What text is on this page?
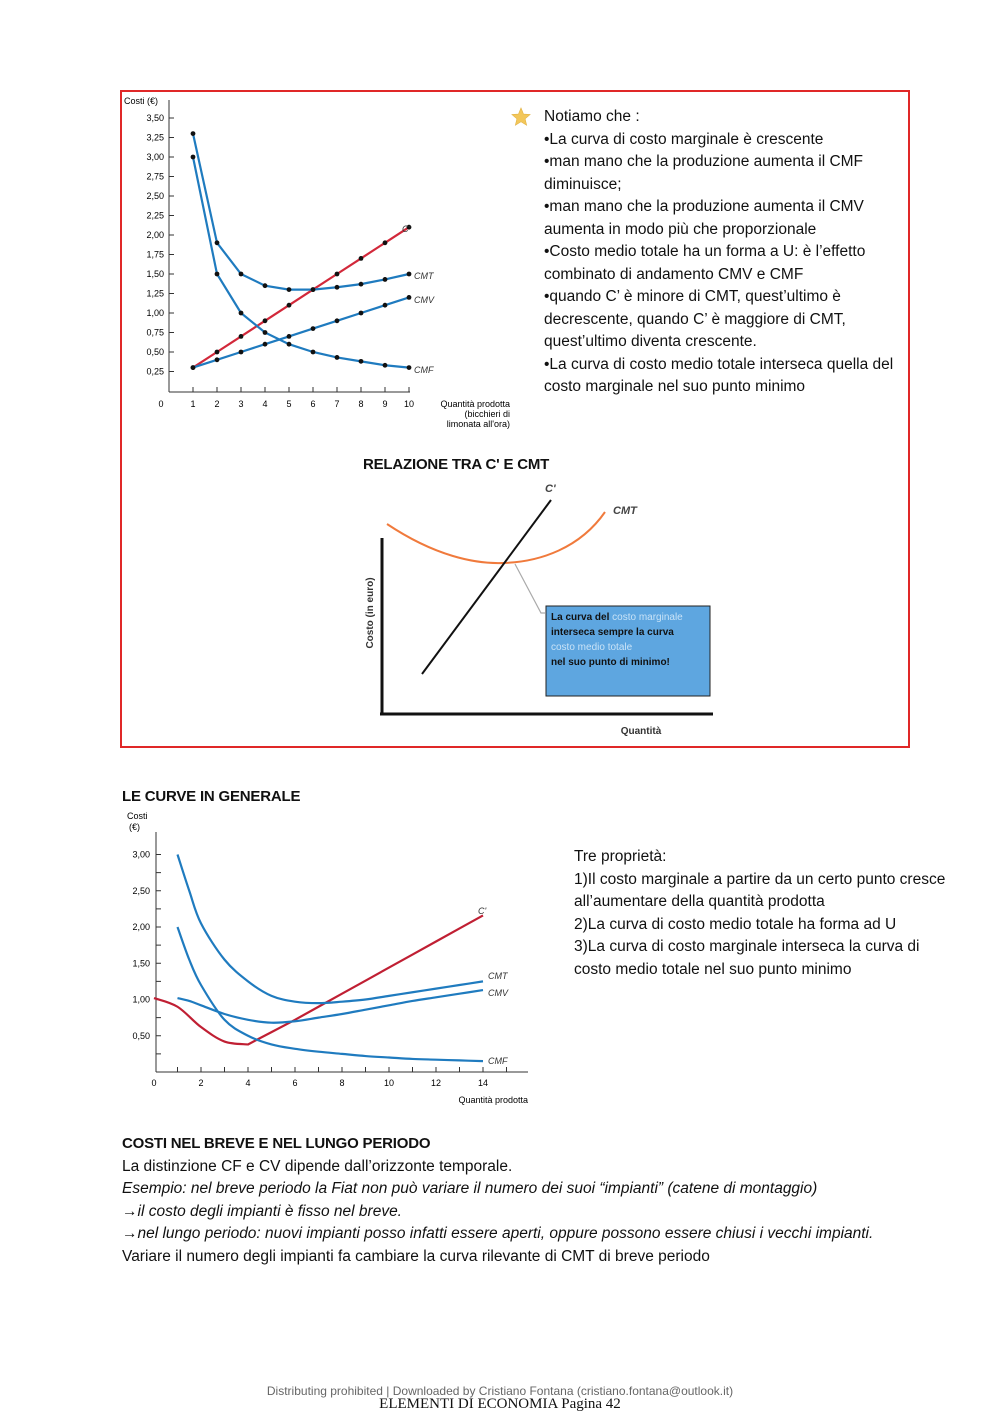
3,50
3,25
3,00
2,75
2,50
2,25
2,00
1,75
1,50
1,25
1,00
0,75
0,50
0,25
0	1 2 3 4 5 6 7 8 9 10
Costi (€)
C'
CMT
CMV
CMF
Quantità prodotta
(bicchieri di
limonata all'ora)
Notiamo che :
•La curva di costo marginale è crescente
•man mano che la produzione aumenta il CMF diminuisce;
•man mano che la produzione aumenta il CMV aumenta in modo più che proporzionale
•Costo medio totale ha un forma a U: è l’effetto combinato di andamento CMV e CMF
•quando C’ è minore di CMT, quest’ultimo è decrescente, quando C’ è maggiore di CMT, quest’ultimo diventa crescente.
•La curva di costo medio totale interseca quella del costo marginale nel suo punto minimo
RELAZIONE TRA C' E CMT
La curva del costo marginale
interseca sempre la curva
costo medio totale
nel suo punto di minimo!
C'
CMT
Costo (in euro)
Quantità
LE CURVE IN GENERALE
3,00
2,50
2,00
1,50
1,00
0,50
0	2	4	6	8	10	12	14
Costi
(€)
C'
CMT
CMV
CMF
Quantità prodotta
Tre proprietà:
1)Il costo marginale a partire da un certo punto cresce all’aumentare della quantità prodotta
2)La curva di costo medio totale ha forma ad U
3)La curva di costo marginale interseca la curva di costo medio totale nel suo punto minimo
COSTI NEL BREVE E NEL LUNGO PERIODO
La distinzione CF e CV dipende dall’orizzonte temporale.
Esempio: nel breve periodo la Fiat non può variare il numero dei suoi “impianti” (catene di montaggio)
→il costo degli impianti è fisso nel breve.
→nel lungo periodo: nuovi impianti posso infatti essere aperti, oppure possono essere chiusi i vecchi impianti.
Variare il numero degli impianti fa cambiare la curva rilevante di CMT di breve periodo
Distributing prohibited | Downloaded by Cristiano Fontana (cristiano.fontana@outlook.it)
ELEMENTI DI ECONOMIA Pagina 42
